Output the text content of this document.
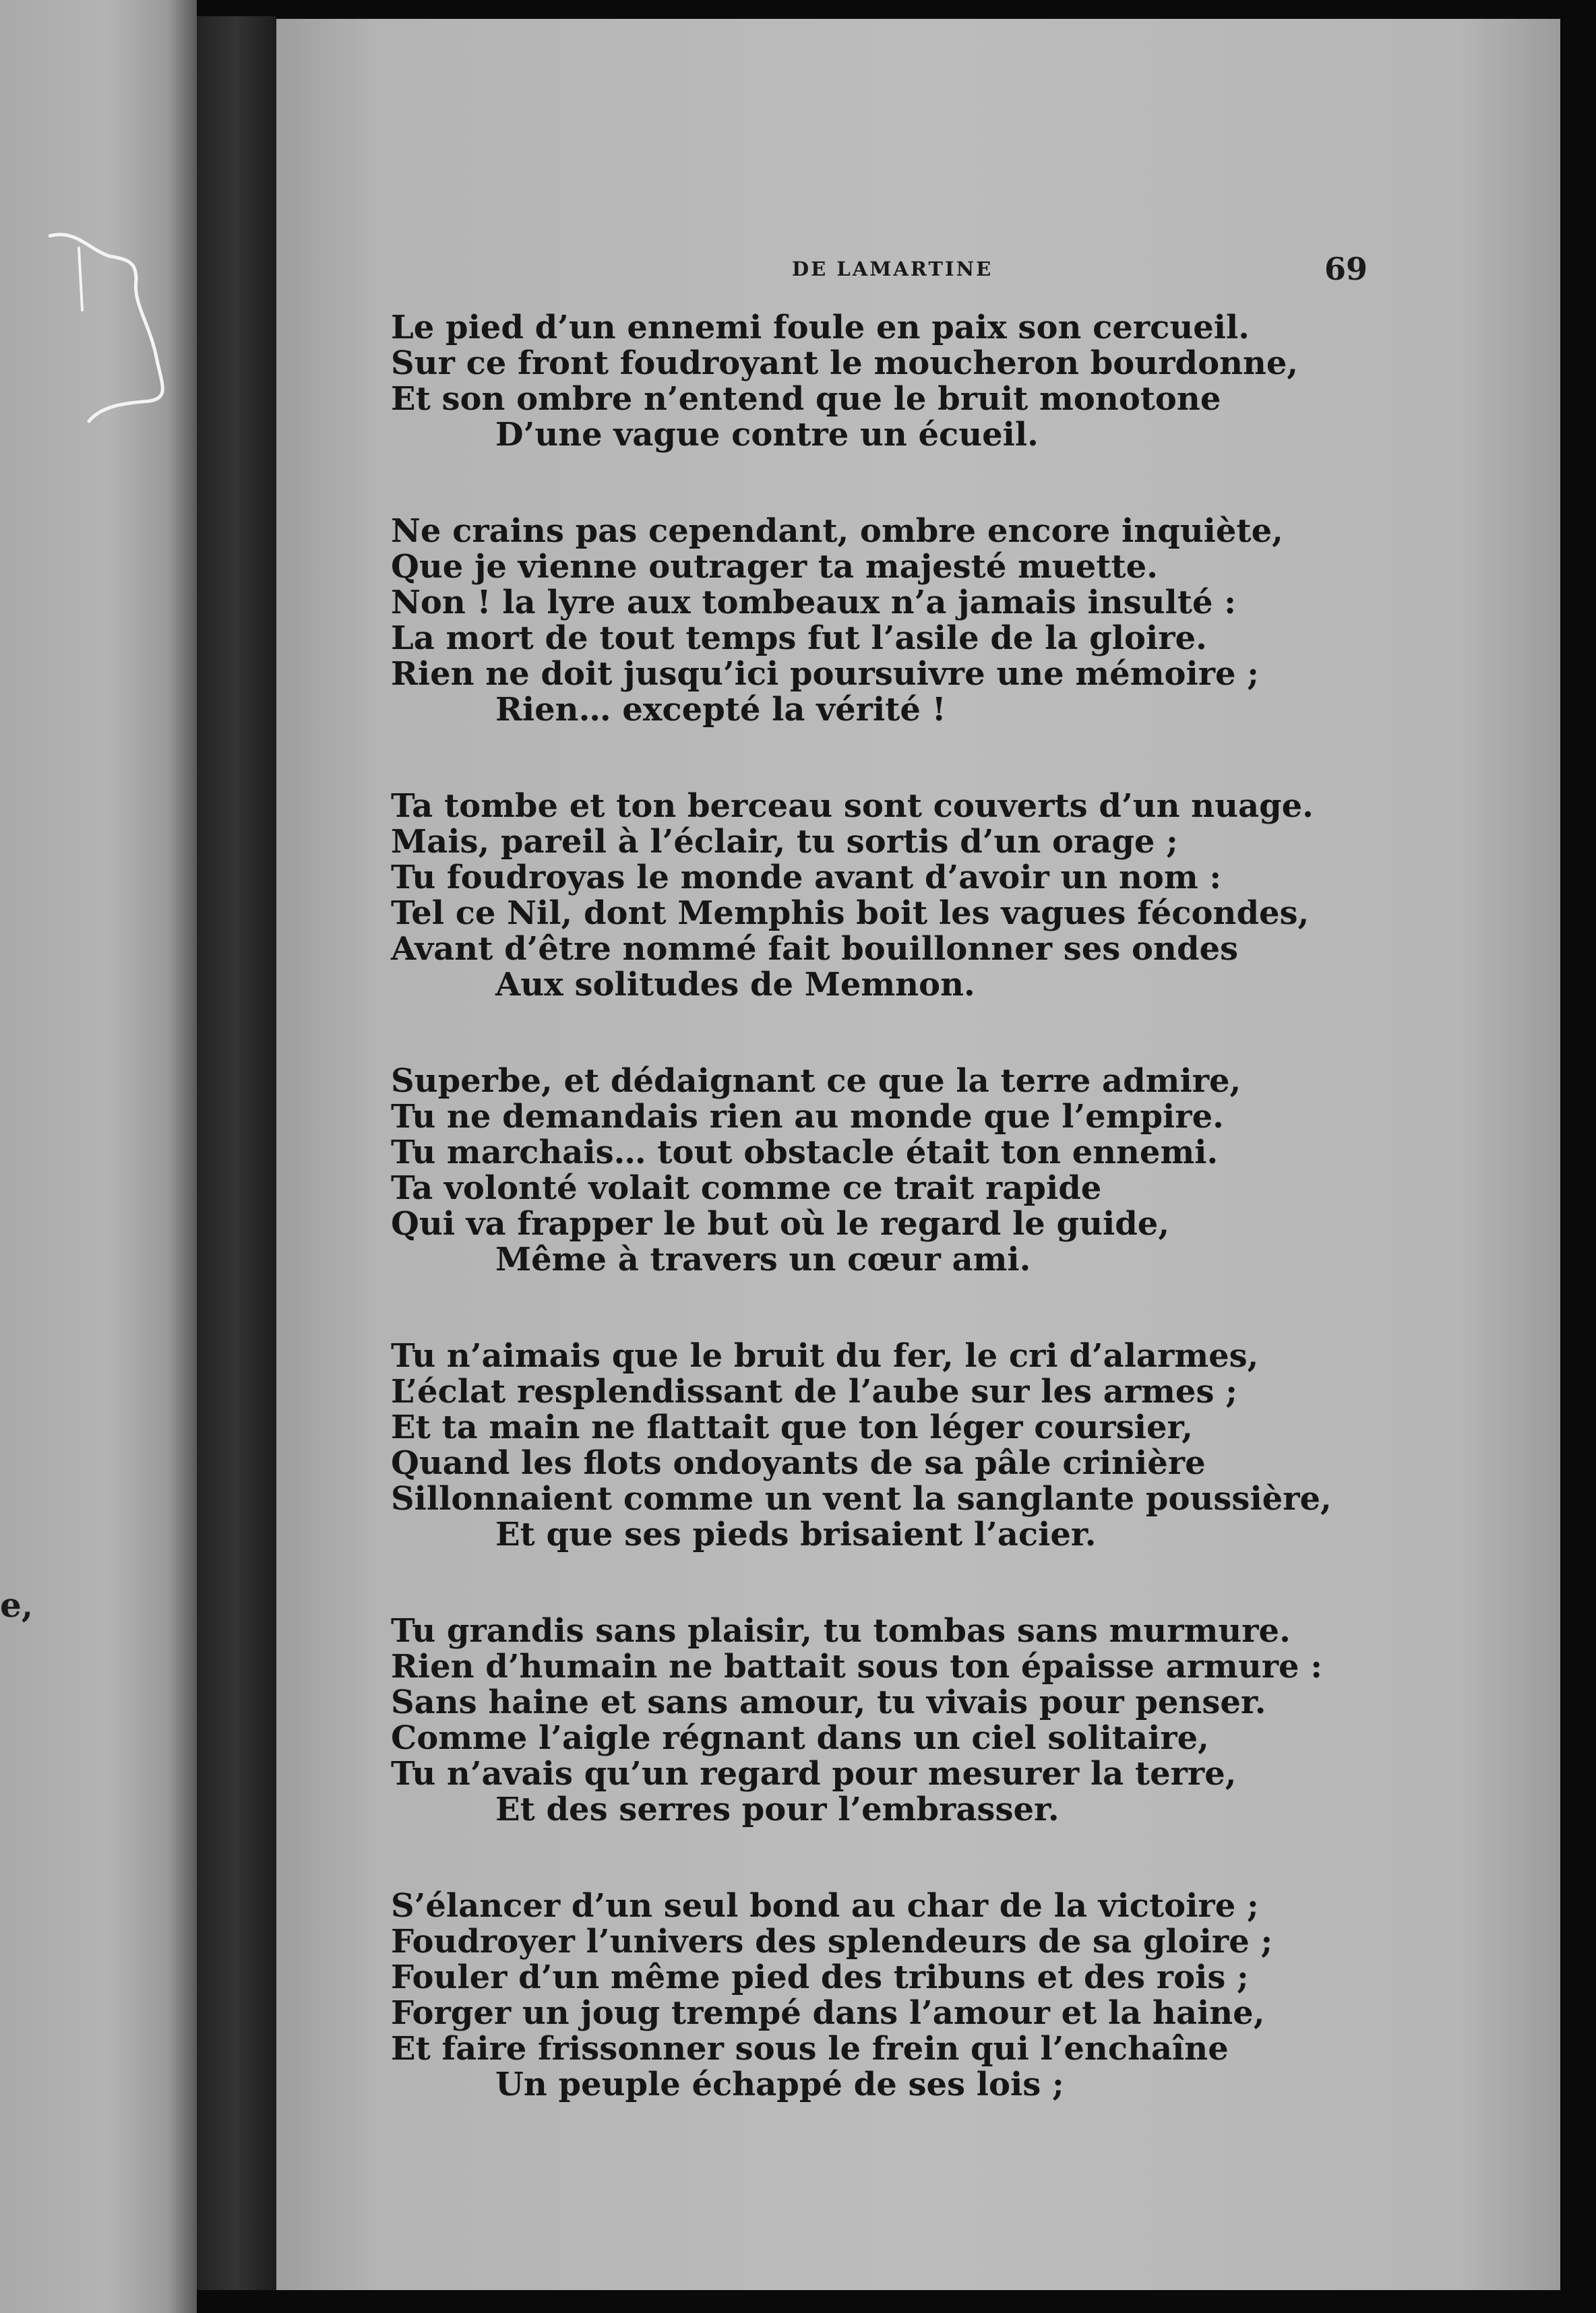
e,
DE LAMARTINE	69
Le pied d’un ennemi foule en paix son cercueil.
Sur ce front foudroyant le moucheron bourdonne,
Et son ombre n’entend que le bruit monotone
D’une vague contre un écueil.
Ne crains pas cependant, ombre encore inquiète,
Que je vienne outrager ta majesté muette.
Non ! la lyre aux tombeaux n’a jamais insulté :
La mort de tout temps fut l’asile de la gloire.
Rien ne doit jusqu’ici poursuivre une mémoire ;
Rien… excepté la vérité !
Ta tombe et ton berceau sont couverts d’un nuage.
Mais, pareil à l’éclair, tu sortis d’un orage ;
Tu foudroyas le monde avant d’avoir un nom :
Tel ce Nil, dont Memphis boit les vagues fécondes,
Avant d’être nommé fait bouillonner ses ondes
Aux solitudes de Memnon.
Superbe, et dédaignant ce que la terre admire,
Tu ne demandais rien au monde que l’empire.
Tu marchais… tout obstacle était ton ennemi.
Ta volonté volait comme ce trait rapide
Qui va frapper le but où le regard le guide,
Même à travers un cœur ami.
Tu n’aimais que le bruit du fer, le cri d’alarmes,
L’éclat resplendissant de l’aube sur les armes ;
Et ta main ne flattait que ton léger coursier,
Quand les flots ondoyants de sa pâle crinière
Sillonnaient comme un vent la sanglante poussière,
Et que ses pieds brisaient l’acier.
Tu grandis sans plaisir, tu tombas sans murmure.
Rien d’humain ne battait sous ton épaisse armure :
Sans haine et sans amour, tu vivais pour penser.
Comme l’aigle régnant dans un ciel solitaire,
Tu n’avais qu’un regard pour mesurer la terre,
Et des serres pour l’embrasser.
S’élancer d’un seul bond au char de la victoire ;
Foudroyer l’univers des splendeurs de sa gloire ;
Fouler d’un même pied des tribuns et des rois ;
Forger un joug trempé dans l’amour et la haine,
Et faire frissonner sous le frein qui l’enchaîne
Un peuple échappé de ses lois ;
